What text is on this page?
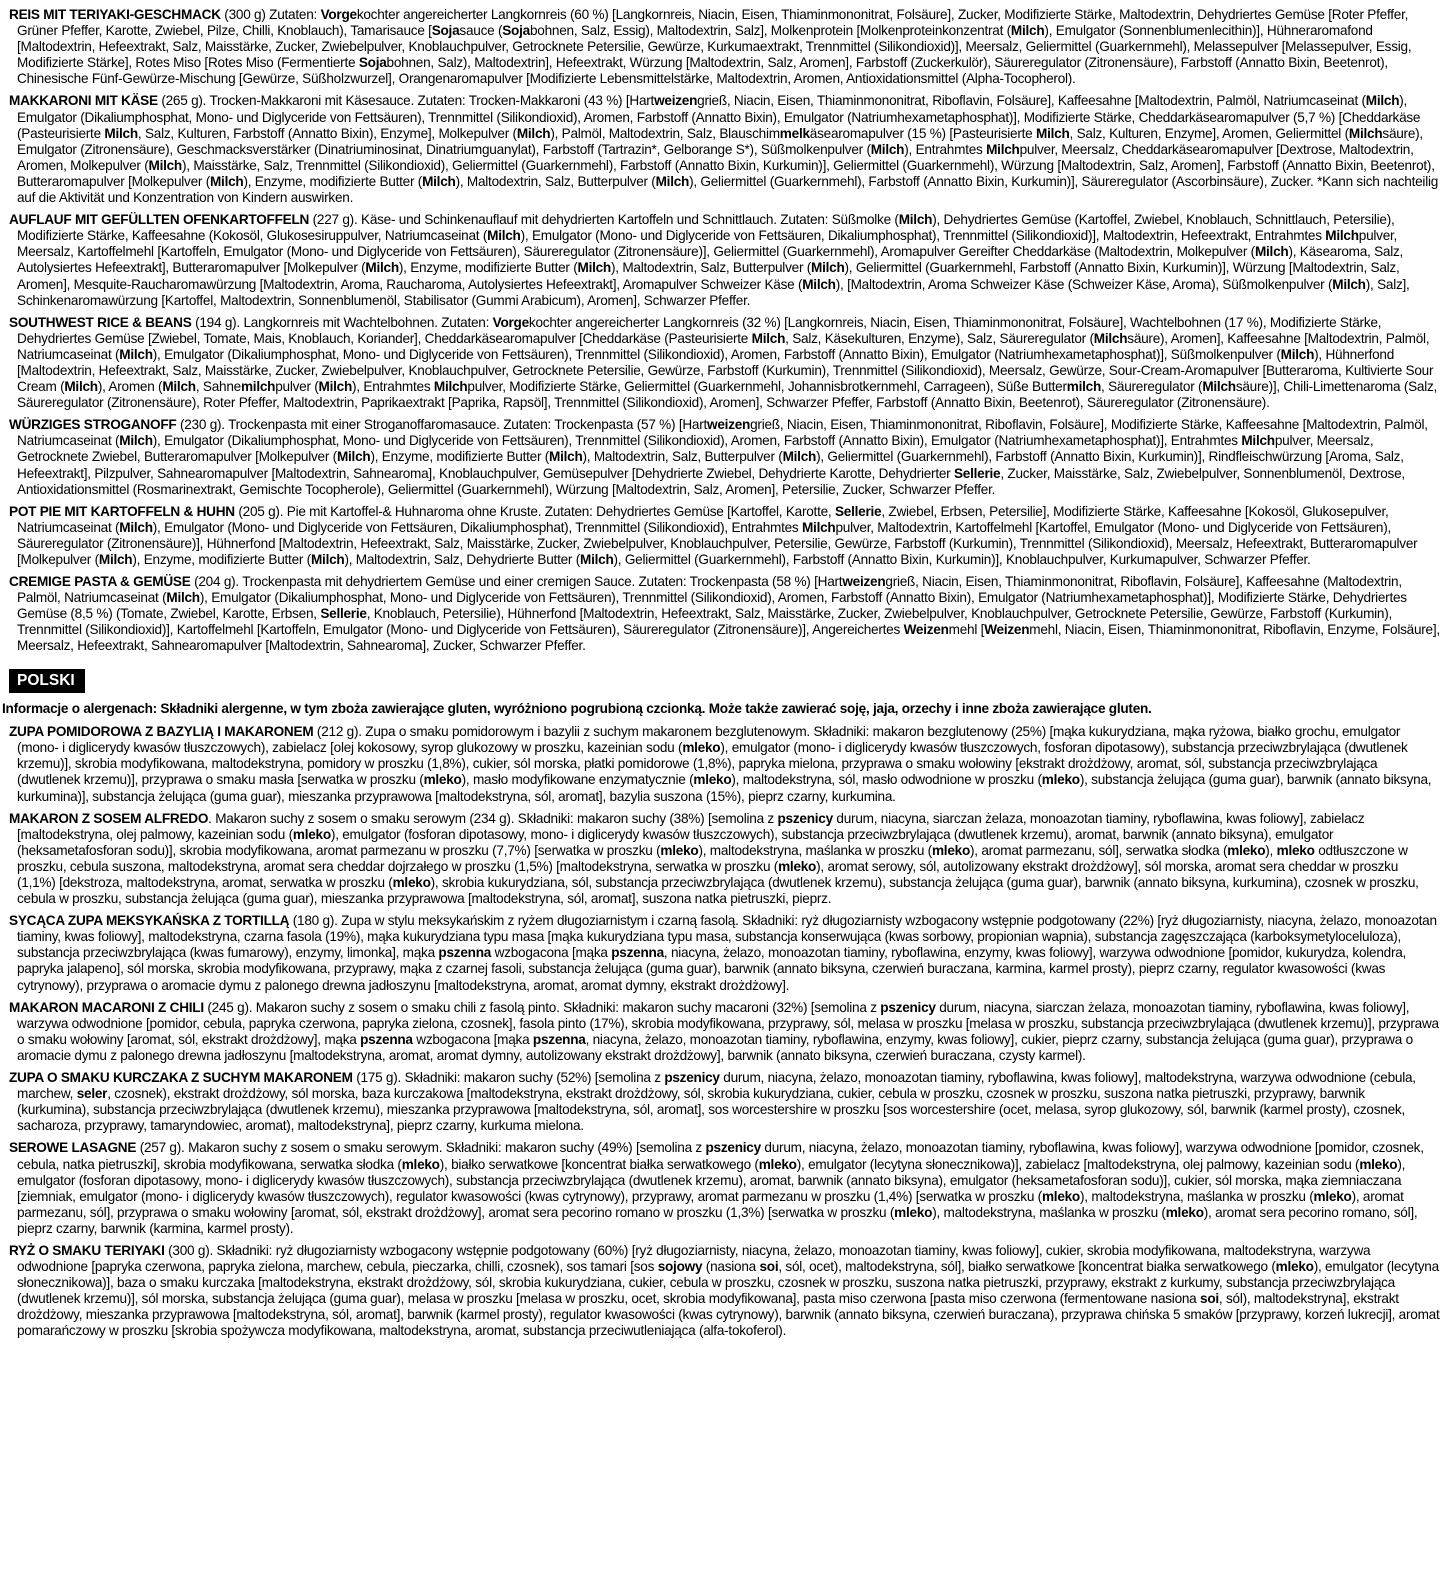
REIS MIT TERIYAKI-GESCHMACK (300 g) Zutaten: Vorgekochter angereicherter Langkornreis (60 %) [Langkornreis, Niacin, Eisen, Thiaminmononitrat, Folsäure], Zucker, Modifizierte Stärke, Maltodextrin, Dehydriertes Gemüse [Roter Pfeffer, Grüner Pfeffer, Karotte, Zwiebel, Pilze, Chilli, Knoblauch), Tamarisauce [Sojasauce (Sojabohnen, Salz, Essig), Maltodextrin, Salz], Molkenprotein [Molkenproteinkonzentrat (Milch), Emulgator (Sonnenblumenlecithin)], Hühneraromafond [Maltodextrin, Hefeextrakt, Salz, Maisstärke, Zucker, Zwiebelpulver, Knoblauchpulver, Getrocknete Petersilie, Gewürze, Kurkumaextrakt, Trennmittel (Silikondioxid)], Meersalz, Geliermittel (Guarkernmehl), Melassepulver [Melassepulver, Essig, Modifizierte Stärke], Rotes Miso [Rotes Miso (Fermentierte Sojabohnen, Salz), Maltodextrin], Hefeextrakt, Würzung [Maltodextrin, Salz, Aromen], Farbstoff (Zuckerkulör), Säureregulator (Zitronensäure), Farbstoff (Annatto Bixin, Beetenrot), Chinesische Fünf-Gewürze-Mischung [Gewürze, Süßholzwurzel], Orangenaromapulver [Modifizierte Lebensmittelstärke, Maltodextrin, Aromen, Antioxidationsmittel (Alpha-Tocopherol).

MAKKARONI MIT KÄSE (265 g). Trocken-Makkaroni mit Käsesauce. Zutaten: Trocken-Makkaroni (43 %) [Hartweizengrieß, Niacin, Eisen, Thiaminmononitrat, Riboflavin, Folsäure], Kaffeesahne [Maltodextrin, Palmöl, Natriumcaseinat (Milch), Emulgator (Dikaliumphosphat, Mono- und Diglyceride von Fettsäuren), Trennmittel (Silikondioxid), Aromen, Farbstoff (Annatto Bixin), Emulgator (Natriumhexametaphosphat)], Modifizierte Stärke, Cheddarkäsearomapulver (5,7 %) [Cheddarkäse (Pasteurisierte Milch, Salz, Kulturen, Farbstoff (Annatto Bixin), Enzyme], Molkepulver (Milch), Palmöl, Maltodextrin, Salz, Blauschimmelkäsearomapulver (15 %) [Pasteurisierte Milch, Salz, Kulturen, Enzyme], Aromen, Geliermittel (Milchsäure), Emulgator (Zitronensäure), Geschmacksverstärker (Dinatriuminosinat, Dinatriumguanylat), Farbstoff (Tartrazin*, Gelborange S*), Süßmolkenpulver (Milch), Entrahmtes Milchpulver, Meersalz, Cheddarkäsearomapulver [Dextrose, Maltodextrin, Aromen, Molkepulver (Milch), Maisstärke, Salz, Trennmittel (Silikondioxid), Geliermittel (Guarkernmehl), Farbstoff (Annatto Bixin, Kurkumin)], Geliermittel (Guarkernmehl), Würzung [Maltodextrin, Salz, Aromen], Farbstoff (Annatto Bixin, Beetenrot), Butteraromapulver [Molkepulver (Milch), Enzyme, modifizierte Butter (Milch), Maltodextrin, Salz, Butterpulver (Milch), Geliermittel (Guarkernmehl), Farbstoff (Annatto Bixin, Kurkumin)], Säureregulator (Ascorbinsäure), Zucker. *Kann sich nachteilig auf die Aktivität und Konzentration von Kindern auswirken.

AUFLAUF MIT GEFÜLLTEN OFENKARTOFFELN (227 g). Käse- und Schinkenauflauf mit dehydrierten Kartoffeln und Schnittlauch. Zutaten: Süßmolke (Milch), Dehydriertes Gemüse (Kartoffel, Zwiebel, Knoblauch, Schnittlauch, Petersilie), Modifizierte Stärke, Kaffeesahne (Kokosöl, Glukosesiruppulver, Natriumcaseinat (Milch), Emulgator (Mono- und Diglyceride von Fettsäuren, Dikaliumphosphat), Trennmittel (Silikondioxid)], Maltodextrin, Hefeextrakt, Entrahmtes Milchpulver, Meersalz, Kartoffelmehl [Kartoffeln, Emulgator (Mono- und Diglyceride von Fettsäuren), Säureregulator (Zitronensäure)], Geliermittel (Guarkernmehl), Aromapulver Gereifter Cheddarkäse (Maltodextrin, Molkepulver (Milch), Käsearoma, Salz, Autolysiertes Hefeextrakt], Butteraromapulver [Molkepulver (Milch), Enzyme, modifizierte Butter (Milch), Maltodextrin, Salz, Butterpulver (Milch), Geliermittel (Guarkernmehl, Farbstoff (Annatto Bixin, Kurkumin)], Würzung [Maltodextrin, Salz, Aromen], Mesquite-Raucharomawürzung [Maltodextrin, Aroma, Raucharoma, Autolysiertes Hefeextrakt], Aromapulver Schweizer Käse (Milch), [Maltodextrin, Aroma Schweizer Käse (Schweizer Käse, Aroma), Süßmolkenpulver (Milch), Salz], Schinkenaromawürzung [Kartoffel, Maltodextrin, Sonnenblumenöl, Stabilisator (Gummi Arabicum), Aromen], Schwarzer Pfeffer.

SOUTHWEST RICE & BEANS (194 g). Langkornreis mit Wachtelbohnen. Zutaten: Vorgekochter angereicherter Langkornreis (32 %) [Langkornreis, Niacin, Eisen, Thiaminmononitrat, Folsäure], Wachtelbohnen (17 %), Modifizierte Stärke, Dehydriertes Gemüse [Zwiebel, Tomate, Mais, Knoblauch, Koriander], Cheddarkäsearomapulver [Cheddarkäse (Pasteurisierte Milch, Salz, Käsekulturen, Enzyme), Salz, Säureregulator (Milchsäure), Aromen], Kaffeesahne [Maltodextrin, Palmöl, Natriumcaseinat (Milch), Emulgator (Dikaliumphosphat, Mono- und Diglyceride von Fettsäuren), Trennmittel (Silikondioxid), Aromen, Farbstoff (Annatto Bixin), Emulgator (Natriumhexametaphosphat)], Süßmolkenpulver (Milch), Hühnerfond [Maltodextrin, Hefeextrakt, Salz, Maisstärke, Zucker, Zwiebelpulver, Knoblauchpulver, Getrocknete Petersilie, Gewürze, Farbstoff (Kurkumin), Trennmittel (Silikondioxid), Meersalz, Gewürze, Sour-Cream-Aromapulver [Butteraroma, Kultivierte Sour Cream (Milch), Aromen (Milch, Sahnemilchpulver (Milch), Entrahmtes Milchpulver, Modifizierte Stärke, Geliermittel (Guarkernmehl, Johannisbrotkernmehl, Carrageen), Süße Buttermilch, Säureregulator (Milchsäure)], Chili-Limettenaroma (Salz, Säureregulator (Zitronensäure), Roter Pfeffer, Maltodextrin, Paprikaextrakt [Paprika, Rapsöl], Trennmittel (Silikondioxid), Aromen], Schwarzer Pfeffer, Farbstoff (Annatto Bixin, Beetenrot), Säureregulator (Zitronensäure).

WÜRZIGES STROGANOFF (230 g). Trockenpasta mit einer Stroganoffaromasauce. Zutaten: Trockenpasta (57 %) [Hartweizengrieß, Niacin, Eisen, Thiaminmononitrat, Riboflavin, Folsäure], Modifizierte Stärke, Kaffeesahne [Maltodextrin, Palmöl, Natriumcaseinat (Milch), Emulgator (Dikaliumphosphat, Mono- und Diglyceride von Fettsäuren), Trennmittel (Silikondioxid), Aromen, Farbstoff (Annatto Bixin), Emulgator (Natriumhexametaphosphat)], Entrahmtes Milchpulver, Meersalz, Getrocknete Zwiebel, Butteraromapulver [Molkepulver (Milch), Enzyme, modifizierte Butter (Milch), Maltodextrin, Salz, Butterpulver (Milch), Geliermittel (Guarkernmehl), Farbstoff (Annatto Bixin, Kurkumin)], Rindfleischwürzung [Aroma, Salz, Hefeextrakt], Pilzpulver, Sahnearomapulver [Maltodextrin, Sahnearoma], Knoblauchpulver, Gemüsepulver [Dehydrierte Zwiebel, Dehydrierte Karotte, Dehydrierter Sellerie, Zucker, Maisstärke, Salz, Zwiebelpulver, Sonnenblumenöl, Dextrose, Antioxidationsmittel (Rosmarinextrakt, Gemischte Tocopherole), Geliermittel (Guarkernmehl), Würzung [Maltodextrin, Salz, Aromen], Petersilie, Zucker, Schwarzer Pfeffer.

POT PIE MIT KARTOFFELN & HUHN (205 g). Pie mit Kartoffel-& Huhnaroma ohne Kruste. Zutaten: Dehydriertes Gemüse [Kartoffel, Karotte, Sellerie, Zwiebel, Erbsen, Petersilie], Modifizierte Stärke, Kaffeesahne [Kokosöl, Glukosepulver, Natriumcaseinat (Milch), Emulgator (Mono- und Diglyceride von Fettsäuren, Dikaliumphosphat), Trennmittel (Silikondioxid), Entrahmtes Milchpulver, Maltodextrin, Kartoffelmehl [Kartoffel, Emulgator (Mono- und Diglyceride von Fettsäuren), Säureregulator (Zitronensäure)], Hühnerfond [Maltodextrin, Hefeextrakt, Salz, Maisstärke, Zucker, Zwiebelpulver, Knoblauchpulver, Petersilie, Gewürze, Farbstoff (Kurkumin), Trennmittel (Silikondioxid), Meersalz, Hefeextrakt, Butteraromapulver [Molkepulver (Milch), Enzyme, modifizierte Butter (Milch), Maltodextrin, Salz, Dehydrierte Butter (Milch), Geliermittel (Guarkernmehl), Farbstoff (Annatto Bixin, Kurkumin)], Knoblauchpulver, Kurkumapulver, Schwarzer Pfeffer.

CREMIGE PASTA & GEMÜSE (204 g). Trockenpasta mit dehydriertem Gemüse und einer cremigen Sauce. Zutaten: Trockenpasta (58 %) [Hartweizengrieß, Niacin, Eisen, Thiaminmononitrat, Riboflavin, Folsäure], Kaffeesahne (Maltodextrin, Palmöl, Natriumcaseinat (Milch), Emulgator (Dikaliumphosphat, Mono- und Diglyceride von Fettsäuren), Trennmittel (Silikondioxid), Aromen, Farbstoff (Annatto Bixin), Emulgator (Natriumhexametaphosphat)], Modifizierte Stärke, Dehydriertes Gemüse (8,5 %) (Tomate, Zwiebel, Karotte, Erbsen, Sellerie, Knoblauch, Petersilie), Hühnerfond [Maltodextrin, Hefeextrakt, Salz, Maisstärke, Zucker, Zwiebelpulver, Knoblauchpulver, Getrocknete Petersilie, Gewürze, Farbstoff (Kurkumin), Trennmittel (Silikondioxid)], Kartoffelmehl [Kartoffeln, Emulgator (Mono- und Diglyceride von Fettsäuren), Säureregulator (Zitronensäure)], Angereichertes Weizenmehl [Weizenmehl, Niacin, Eisen, Thiaminmononitrat, Riboflavin, Enzyme, Folsäure], Meersalz, Hefeextrakt, Sahnearomapulver [Maltodextrin, Sahnearoma], Zucker, Schwarzer Pfeffer.

POLSKI

Informacje o alergenach: Składniki alergenne, w tym zboża zawierające gluten, wyróżniono pogrubioną czcionką. Może także zawierać soję, jaja, orzechy i inne zboża zawierające gluten.

ZUPA POMIDOROWA Z BAZYLIĄ I MAKARONEM (212 g). Zupa o smaku pomidorowym i bazylii z suchym makaronem bezglutenowym. Składniki: makaron bezglutenowy (25%) [mąka kukurydziana, mąka ryżowa, białko grochu, emulgator (mono- i diglicerydy kwasów tłuszczowych), zabielacz [olej kokosowy, syrop glukozowy w proszku, kazeinian sodu (mleko), emulgator (mono- i diglicerydy kwasów tłuszczowych, fosforan dipotasowy), substancja przeciwzbrylająca (dwutlenek krzemu)], skrobia modyfikowana, maltodekstryna, pomidory w proszku (1,8%), cukier, sól morska, płatki pomidorowe (1,8%), papryka mielona, przyprawa o smaku wołowiny [ekstrakt drożdżowy, aromat, sól, substancja przeciwzbrylająca (dwutlenek krzemu)], przyprawa o smaku masła [serwatka w proszku (mleko), masło modyfikowane enzymatycznie (mleko), maltodekstryna, sól, masło odwodnione w proszku (mleko), substancja żelująca (guma guar), barwnik (annato biksyna, kurkumina)], substancja żelująca (guma guar), mieszanka przyprawowa [maltodekstryna, sól, aromat], bazylia suszona (15%), pieprz czarny, kurkumina.

MAKARON Z SOSEM ALFREDO. Makaron suchy z sosem o smaku serowym (234 g). Składniki: makaron suchy (38%) [semolina z pszenicy durum, niacyna, siarczan żelaza, monoazotan tiaminy, ryboflawina, kwas foliowy], zabielacz [maltodekstryna, olej palmowy, kazeinian sodu (mleko), emulgator (fosforan dipotasowy, mono- i diglicerydy kwasów tłuszczowych), substancja przeciwzbrylająca (dwutlenek krzemu), aromat, barwnik (annato biksyna), emulgator (heksametafosforan sodu)], skrobia modyfikowana, aromat parmezanu w proszku (7,7%) [serwatka w proszku (mleko), maltodekstryna, maślanka w proszku (mleko), aromat parmezanu, sól], serwatka słodka (mleko), mleko odtłuszczone w proszku, cebula suszona, maltodekstryna, aromat sera cheddar dojrzałego w proszku (1,5%) [maltodekstryna, serwatka w proszku (mleko), aromat serowy, sól, autolizowany ekstrakt drożdżowy], sól morska, aromat sera cheddar w proszku (1,1%) [dekstroza, maltodekstryna, aromat, serwatka w proszku (mleko), skrobia kukurydziana, sól, substancja przeciwzbrylająca (dwutlenek krzemu), substancja żelująca (guma guar), barwnik (annato biksyna, kurkumina), czosnek w proszku, cebula w proszku, substancja żelująca (guma guar), mieszanka przyprawowa [maltodekstryna, sól, aromat], suszona natka pietruszki, pieprz.

SYCĄCA ZUPA MEKSYKAŃSKA Z TORTILLĄ (180 g). Zupa w stylu meksykańskim z ryżem długoziarnistym i czarną fasolą. Składniki: ryż długoziarnisty wzbogacony wstępnie podgotowany (22%) [ryż długoziarnisty, niacyna, żelazo, monoazotan tiaminy, kwas foliowy], maltodekstryna, czarna fasola (19%), mąka kukurydziana typu masa [mąka kukurydziana typu masa, substancja konserwująca (kwas sorbowy, propionian wapnia), substancja zagęszczająca (karboksymetyloceluloza), substancja przeciwzbrylająca (kwas fumarowy), enzymy, limonka], mąka pszenna wzbogacona [mąka pszenna, niacyna, żelazo, monoazotan tiaminy, ryboflawina, enzymy, kwas foliowy], warzywa odwodnione [pomidor, kukurydza, kolendra, papryka jalapeno], sól morska, skrobia modyfikowana, przyprawy, mąka z czarnej fasoli, substancja żelująca (guma guar), barwnik (annato biksyna, czerwień buraczana, karmina, karmel prosty), pieprz czarny, regulator kwasowości (kwas cytrynowy), przyprawa o aromacie dymu z palonego drewna jadłoszynu [maltodekstryna, aromat, aromat dymny, ekstrakt drożdżowy].

MAKARON MACARONI Z CHILI (245 g). Makaron suchy z sosem o smaku chili z fasolą pinto. Składniki: makaron suchy macaroni (32%) [semolina z pszenicy durum, niacyna, siarczan żelaza, monoazotan tiaminy, ryboflawina, kwas foliowy], warzywa odwodnione [pomidor, cebula, papryka czerwona, papryka zielona, czosnek], fasola pinto (17%), skrobia modyfikowana, przyprawy, sól, melasa w proszku [melasa w proszku, substancja przeciwzbrylająca (dwutlenek krzemu)], przyprawa o smaku wołowiny [aromat, sól, ekstrakt drożdżowy], mąka pszenna wzbogacona [mąka pszenna, niacyna, żelazo, monoazotan tiaminy, ryboflawina, enzymy, kwas foliowy], cukier, pieprz czarny, substancja żelująca (guma guar), przyprawa o aromacie dymu z palonego drewna jadłoszynu [maltodekstryna, aromat, aromat dymny, autolizowany ekstrakt drożdżowy], barwnik (annato biksyna, czerwień buraczana, czysty karmel).

ZUPA O SMAKU KURCZAKA Z SUCHYM MAKARONEM (175 g). Składniki: makaron suchy (52%) [semolina z pszenicy durum, niacyna, żelazo, monoazotan tiaminy, ryboflawina, kwas foliowy], maltodekstryna, warzywa odwodnione (cebula, marchew, seler, czosnek), ekstrakt drożdżowy, sól morska, baza kurczakowa [maltodekstryna, ekstrakt drożdżowy, sól, skrobia kukurydziana, cukier, cebula w proszku, czosnek w proszku, suszona natka pietruszki, przyprawy, barwnik (kurkumina), substancja przeciwzbrylająca (dwutlenek krzemu), mieszanka przyprawowa [maltodekstryna, sól, aromat], sos worcestershire w proszku [sos worcestershire (ocet, melasa, syrop glukozowy, sól, barwnik (karmel prosty), czosnek, sacharoza, przyprawy, tamaryndowiec, aromat), maltodekstryna], pieprz czarny, kurkuma mielona.

SEROWE LASAGNE (257 g). Makaron suchy z sosem o smaku serowym. Składniki: makaron suchy (49%) [semolina z pszenicy durum, niacyna, żelazo, monoazotan tiaminy, ryboflawina, kwas foliowy], warzywa odwodnione [pomidor, czosnek, cebula, natka pietruszki], skrobia modyfikowana, serwatka słodka (mleko), białko serwatkowe [koncentrat białka serwatkowego (mleko), emulgator (lecytyna słonecznikowa)], zabielacz [maltodekstryna, olej palmowy, kazeinian sodu (mleko), emulgator (fosforan dipotasowy, mono- i diglicerydy kwasów tłuszczowych), substancja przeciwzbrylająca (dwutlenek krzemu), aromat, barwnik (annato biksyna), emulgator (heksametafosforan sodu)], cukier, sól morska, mąka ziemniaczana [ziemniak, emulgator (mono- i diglicerydy kwasów tłuszczowych), regulator kwasowości (kwas cytrynowy), przyprawy, aromat parmezanu w proszku (1,4%) [serwatka w proszku (mleko), maltodekstryna, maślanka w proszku (mleko), aromat parmezanu, sól], przyprawa o smaku wołowiny [aromat, sól, ekstrakt drożdżowy], aromat sera pecorino romano w proszku (1,3%) [serwatka w proszku (mleko), maltodekstryna, maślanka w proszku (mleko), aromat sera pecorino romano, sól], pieprz czarny, barwnik (karmina, karmel prosty).

RYŻ O SMAKU TERIYAKI (300 g). Składniki: ryż długoziarnisty wzbogacony wstępnie podgotowany (60%) [ryż długoziarnisty, niacyna, żelazo, monoazotan tiaminy, kwas foliowy], cukier, skrobia modyfikowana, maltodekstryna, warzywa odwodnione [papryka czerwona, papryka zielona, marchew, cebula, pieczarka, chilli, czosnek), sos tamari [sos sojowy (nasiona soi, sól, ocet), maltodekstryna, sól], białko serwatkowe [koncentrat białka serwatkowego (mleko), emulgator (lecytyna słonecznikowa)], baza o smaku kurczaka [maltodekstryna, ekstrakt drożdżowy, sól, skrobia kukurydziana, cukier, cebula w proszku, czosnek w proszku, suszona natka pietruszki, przyprawy, ekstrakt z kurkumy, substancja przeciwzbrylająca (dwutlenek krzemu)], sól morska, substancja żelująca (guma guar), melasa w proszku [melasa w proszku, ocet, skrobia modyfikowana], pasta miso czerwona [pasta miso czerwona (fermentowane nasiona soi, sól), maltodekstryna], ekstrakt drożdżowy, mieszanka przyprawowa [maltodekstryna, sól, aromat], barwnik (karmel prosty), regulator kwasowości (kwas cytrynowy), barwnik (annato biksyna, czerwień buraczana), przyprawa chińska 5 smaków [przyprawy, korzeń lukrecji], aromat pomarańczowy w proszku [skrobia spożywcza modyfikowana, maltodekstryna, aromat, substancja przeciwutleniająca (alfa-tokoferol).
